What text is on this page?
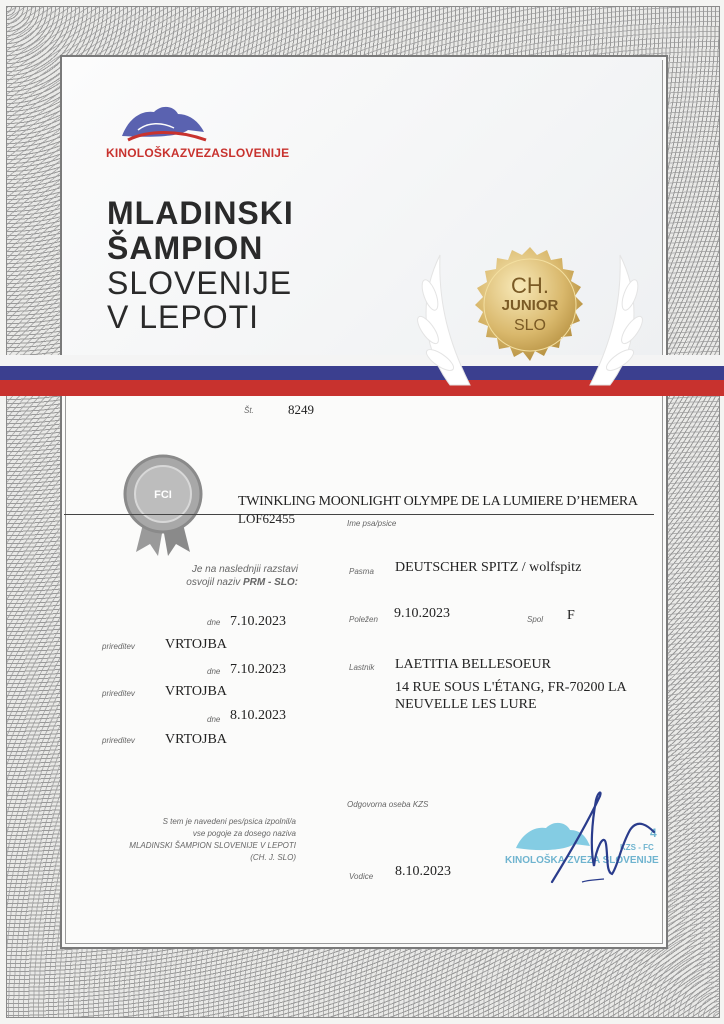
KINOLOŠKAZVEZASLOVENIJE
MLADINSKI
ŠAMPION
SLOVENIJE
V LEPOTI
CH.
JUNIOR
SLO
Št.	8249
FCI	TWINKLING MOONLIGHT OLYMPE DE LA LUMIERE D’HEMERA
LOF62455	Ime psa/psice
Je na naslednjii razstavi
osvojil naziv PRM - SLO:
dne 7.10.2023
prireditev VRTOJBA
dne 7.10.2023
prireditev VRTOJBA
dne 8.10.2023
prireditev VRTOJBA
Pasma DEUTSCHER SPITZ / wolfspitz
Poležen 9.10.2023	Spol F
Lastnik LAETITIA BELLESOEUR
14 RUE SOUS L'ÉTANG, FR-70200 LA
NEUVELLE LES LURE
S tem je navedeni pes/psica izpolnil/a
vse pogoje za dosego naziva
MLADINSKI ŠAMPION SLOVENIJE V LEPOTI
(CH. J. SLO)
Odgovorna oseba KZS
KINOLOŠKA ZVEZA SLOVENIJE
KZS - FC
4
Vodice 8.10.2023
